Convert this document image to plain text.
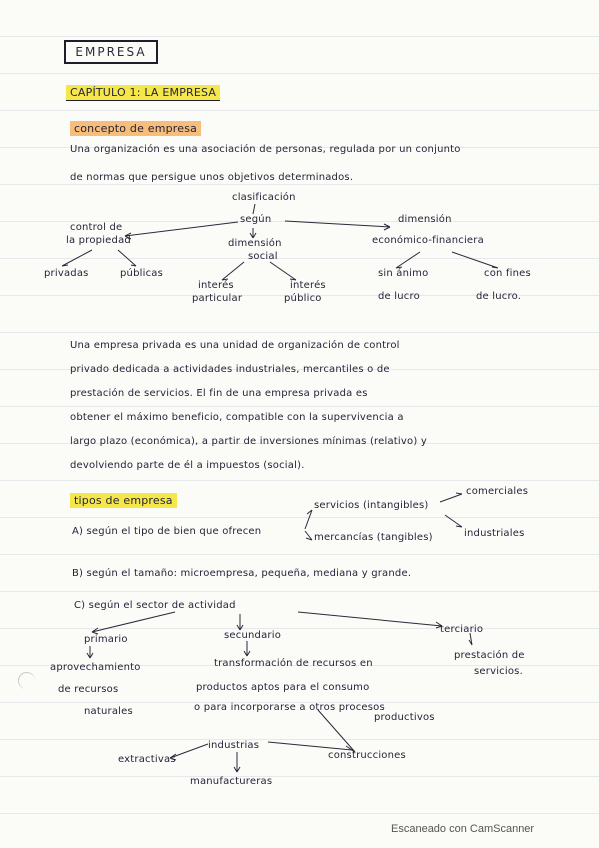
EMPRESA
CAPÍTULO 1: LA EMPRESA
concepto de empresa
Una organización es una asociación de personas, regulada por un conjunto
de normas que persigue unos objetivos determinados.
clasificación
según
control de
la propiedad
privadas	públicas
dimensión
social
interés
particular
interés
público
dimensión
económico-financiera
sin ánimo
de lucro
con fines
de lucro.
Una empresa privada es una unidad de organización de control
privado dedicada a actividades industriales, mercantiles o de
prestación de servicios. El fin de una empresa privada es
obtener el máximo beneficio, compatible con la supervivencia a
largo plazo (económica), a partir de inversiones mínimas (relativo) y
devolviendo parte de él a impuestos (social).
tipos de empresa
A) según el tipo de bien que ofrecen
servicios (intangibles)
mercancías (tangibles)
comerciales
industriales
B) según el tamaño: microempresa, pequeña, mediana y grande.
C) según el sector de actividad
primario
aprovechamiento
de recursos
naturales
secundario
transformación de recursos en
productos aptos para el consumo
o para incorporarse a otros procesos
productivos
terciario
prestación de
servicios.
industrias
extractivas
manufactureras
construcciones
Escaneado con CamScanner
